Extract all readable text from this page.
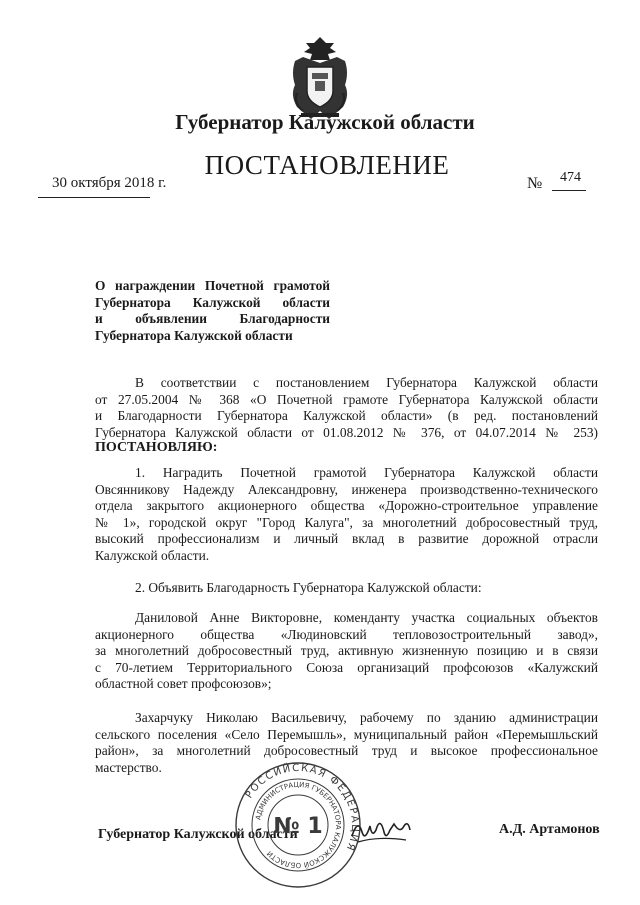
Губернатор Калужской области
ПОСТАНОВЛЕНИЕ
30 октября 2018 г.	№ 474
О награждении Почетной грамотой
Губернатора Калужской области
и объявлении Благодарности
Губернатора Калужской области
В соответствии с постановлением Губернатора Калужской области
от 27.05.2004 № 368 «О Почетной грамоте Губернатора Калужской области
и Благодарности Губернатора Калужской области» (в ред. постановлений
Губернатора Калужской области от 01.08.2012 № 376, от 04.07.2014 № 253)
ПОСТАНОВЛЯЮ:
1. Наградить Почетной грамотой Губернатора Калужской области
Овсянникову Надежду Александровну, инженера производственно-технического
отдела закрытого акционерного общества «Дорожно-строительное управление
№ 1», городской округ "Город Калуга", за многолетний добросовестный труд,
высокий профессионализм и личный вклад в развитие дорожной отрасли
Калужской области.
2. Объявить Благодарность Губернатора Калужской области:
Даниловой Анне Викторовне, коменданту участка социальных объектов
акционерного общества «Людиновский тепловозостроительный завод»,
за многолетний добросовестный труд, активную жизненную позицию и в связи
с 70-летием Территориального Союза организаций профсоюзов «Калужский
областной совет профсоюзов»;
Захарчуку Николаю Васильевичу, рабочему по зданию администрации
сельского поселения «Село Перемышль», муниципальный район «Перемышльский
район», за многолетний добросовестный труд и высокое профессиональное
мастерство.
Губернатор Калужской области	А.Д. Артамонов
РОССИЙСКАЯ ФЕДЕРАЦИЯ
АДМИНИСТРАЦИЯ ГУБЕРНАТОРА КАЛУЖСКОЙ ОБЛАСТИ
№ 1
